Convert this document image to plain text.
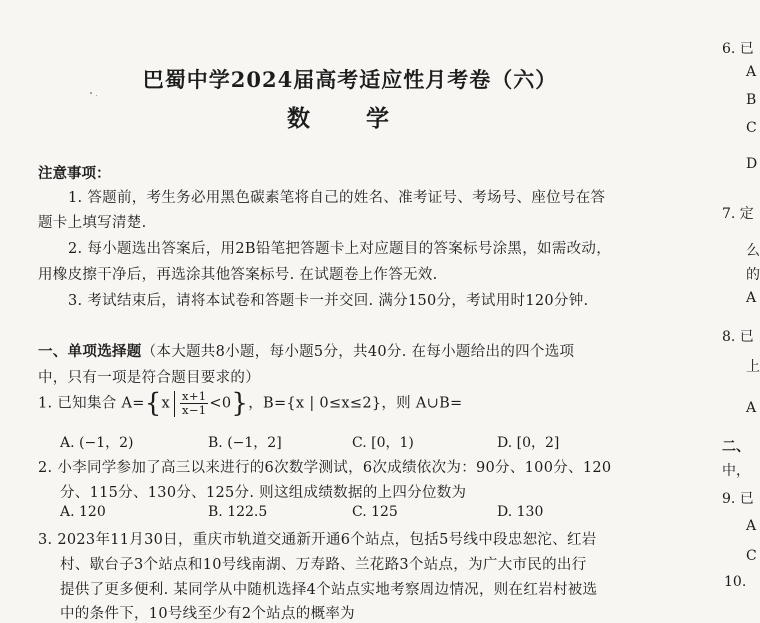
巴蜀中学2024届高考适应性月考卷（六）
数 学
注意事项：
1. 答题前，考生务必用黑色碳素笔将自己的姓名、准考证号、考场号、座位号在答
题卡上填写清楚.
2. 每小题选出答案后，用2B铅笔把答题卡上对应题目的答案标号涂黑，如需改动，
用橡皮擦干净后，再选涂其他答案标号. 在试题卷上作答无效.
3. 考试结束后，请将本试卷和答题卡一并交回. 满分150分，考试用时120分钟.
一、单项选择题（本大题共8小题，每小题5分，共40分. 在每小题给出的四个选项
中，只有一项是符合题目要求的）
1. 已知集合 $A=\{x \frac{x+1}{x-1} <0\}$，B={x | 0≤x≤2}，则 A∪B=
A. (−1，2)	B. (−1，2]	C. [0，1)	D. [0，2]
2. 小李同学参加了高三以来进行的6次数学测试，6次成绩依次为：90分、100分、120
分、115分、130分、125分. 则这组成绩数据的上四分位数为
A. 120	B. 122.5	C. 125	D. 130
3. 2023年11月30日，重庆市轨道交通新开通6个站点，包括5号线中段忠恕沱、红岩
村、歇台子3个站点和10号线南湖、万寿路、兰花路3个站点，为广大市民的出行
提供了更多便利. 某同学从中随机选择4个站点实地考察周边情况，则在红岩村被选
中的条件下，10号线至少有2个站点的概率为
6. 已
A
B
C
D
7. 定
么
的
A
8. 已
上
A
二、
中，
9. 已
A
C
10.
